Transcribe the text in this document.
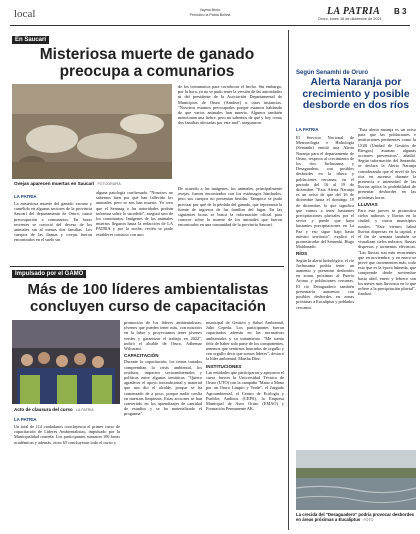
local	Vayma Bruto
Periódico la Patria Bolivia	LA PATRIA
Oruro, lunes 16 de diciembre de 2021
B 3
En Saucarí
Misteriosa muerte de ganado preocupa a comunarios
Ovejas aparecen muertas en Saucarí FOTOGRAFÍA
LA PATRIA

La misteriosa muerte del ganado vacuno y camélido en algunas sectores de la provincia Saucarí del departamento de Oruro, causó preocupación a comunarios. En horas recientes se conoció del deceso de los animales sin al menos dos familias. Los cuerpos de las llamas y ovejas fueron encontrados en el suelo sin

alguna patología confirmada. "Nosotros no sabemos bien por qué han fallecido los animales, pero se nos han muerto. Yo creo que el Senasag o las autoridades podrán informar sobre lo sucedido", aseguró uno de los comunarios. Imágenes de los animales muertos llegaron hasta la redacción de LA PATRIA y por la noche, recién se pudo establecer contacto con uno

de los comunarios para corroborar el hecho. Sin embargo, por la hora, ya no se pudo tener la versión de las autoridades ni del presidente de la Asociación Departamental de Municipios de Oruro (Amdeor) u otras instancias. "Nosotros estamos preocupados porque estamos hablando de que varios animales han muerto. Algunos también mencionan una fiebre, pero no sabemos de qué y hoy como dos familias afectadas por este mal", aseguraron.

De acuerdo a las imágenes, los animales, principalmente ovejas, fueron encontrados con los estómagos hinchados, pero sus cuerpos no presentan heridas. Tampoco se pudo precisar por qué de la pérdida del ganado, que representa la fuente de ingresos de las familias del lugar. En las siguientes horas se busca la información oficial para conocer sobre la muerte de los animales que fueron encontrados en una comunidad de la provincia Saucarí.

Impulsado por el GAMO
Más de 100 líderes ambientalistas concluyen curso de capacitación
Acto de clausura del curso LA PATRIA
LA PATRIA

Un total de 114 ciudadanos concluyeron el primer curso de capacitación de Líderes Ambientalistas, impulsado por la Municipalidad orureña. Los participantes sumaron 100 horas académicas y además, otros 65 concluyeron todo el curso y

promoción de los líderes ambientalistas, jóvenes que pueden tener más, con nosotros en la labor y proyectamos tener jóvenes verdes y garantizar el trabajo en 2022", indicó el alcalde de Oruro, Adhemar Wilcarani.

CAPACITACIÓN

Durante la capacitación, los temas tratados comprendían la crisis ambiental, los residuos, impactos socioambientales y políticas entre algunas temáticas. "Quiero agradecer el apoyo incondicional y material que nos dio el alcalde, porque se ha comenzado de a poco, porque nadie confía en nuestras limpiezas. Estas acciones se han convertido en los aprendizajes de cantidad de estudios y se ha materializado el programa".

municipal de Gestión y Salud Ambiental, Julio Cepeda. Los participantes fueron capacitados además en las normativas ambientales y su tratamiento. "Me siento feliz de haber sido parte de los componentes, tenemos que sentirnos honrados de orgullo y con orgullo decir que somos líderes", destacó la líder ambiental, Martha Díez.

INSTITUCIONES

Las entidades que participaron y apoyaron el curso fueron la Universidad Técnica de Oruro (UTO) con la campaña "Mano a Mano por un Oruro Limpio y Verde", el Juzgado Agroambiental, el Centro de Ecología y Pueblos Andinos (CEPA), la Empresa Municipal de Aseo Oruro (EMAO) y Formación Permanente AK.

Según Senamhi de Oruro
Alerta Naranja por crecimiento y posible desborde en dos ríos
LA PATRIA

El Servicio Nacional de Meteorología e Hidrología (Senamhi) emitió una Alerta Naranja para el departamento de Oruro, respecto al crecimiento de los ríos Juchusuma y Desaguadero, con posibles desbordes en la ribera y poblaciones cercanas, en el periodo del 16 al 19 de diciembre. "Esta Alerta Naranja es un aviso de que del 16 de diciembre hasta el domingo 19 de diciembre, lo que significa que vamos a tener bastantes precipitaciones pluviales por el sector y puede que haya bastantes precipitaciones en La Paz y eso sigue bajo hasta nuestro territorio", explicó el pronosticador del Senamhi, Hugo Maldonado.

RÍOS

Según la alerta hidrológica, el río Juchusuma podría tener un aumento y presentar desbordes en zonas próximas al Puerto Aroma y poblaciones cercanas. El río Desaguadero también presentaría aumentos con posibles desbordes en zonas próximas a Eucaliptus y poblados cercanos.

"Esta alerta naranja es un aviso para que las poblaciones e instituciones pertinentes como la UGR (Unidad de Gestión de Riesgos) asuman algunas acciones preventivas", añadió. Según información del Senamhi, se declara la Alerta Naranja considerando que el nivel de los ríos en ascenso durante la presencia e intensidad de las lluvias aplica la probabilidad de presentar desbordes en las próximas horas.

LLUVIAS

Para este jueves se pronostica cielos nubosos y lluvias en la ciudad, y varios municipios rurales. "Este viernes habrá lluvias dispersas en la capital, y el fin de semana también se visualizan cielos nubosos, lluvias dispersas y tormentas eléctricas. "Las lluvias son más recurrentes que en noviembre, y en enero se prevé que incrementen más, todo esto que es la época húmeda, que comprende desde noviembre hasta abril, enero y febrero son los meses más lluviosos en lo que refiere a la precipitación pluvial", finalizó.

La crecida del "Desaguadero" podría provocar desbordes en áreas próximas a Eucaliptus FOTO
